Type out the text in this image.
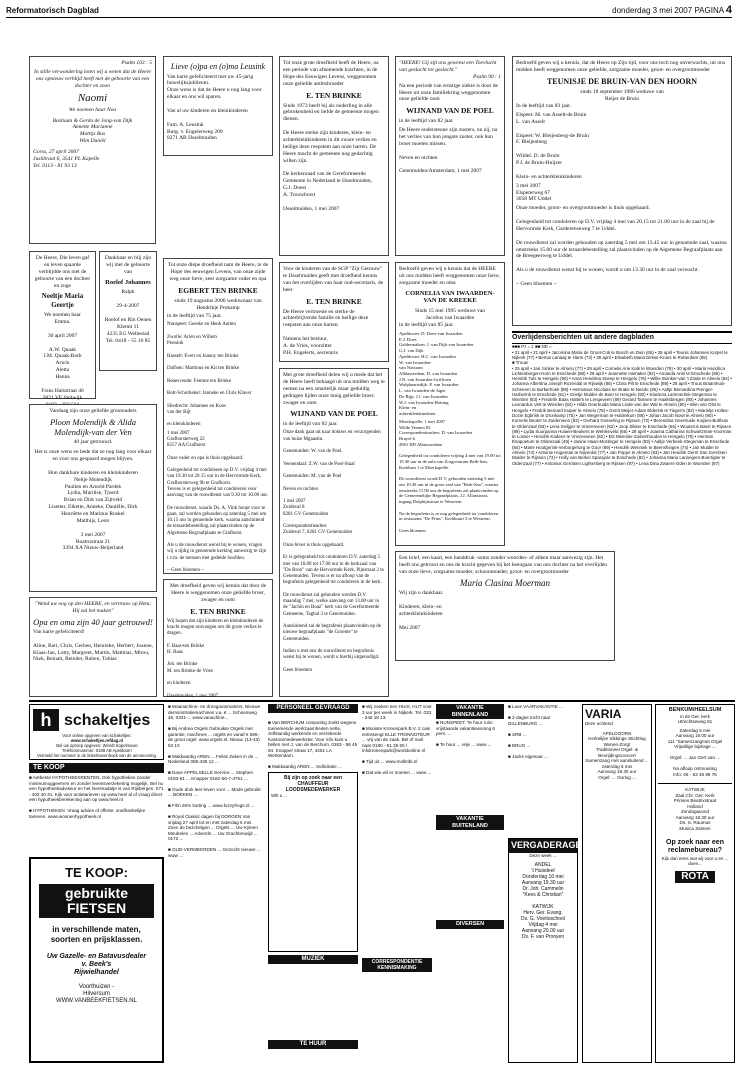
Reformatorisch Dagblad	donderdag 3 mei 2007 PAGINA 4
Psalm 103 : 5
In stille verwondering loten wij u weten dat de Heere ons opnieuw verblijd heeft met de geboorte van een dochter en zoon
Naomi
We noemen haar Noa
Bastiaan & Gerda de Jong-van Dijk
Annette Marianne
Mattijs Bas
Wim Daniël
Gorss, 27 april 2007
Juslibraat 6, 3541 PL Kapelle
Tel. 0113 - 81 93 13
De Heere, Die leven gaf en leven spaarde verblijdde ons met de geboorte van een dochter en zuge
Neeltje Maria Geertje
We noemen haar
Emma.

30 april 2007

A.W. Quaak
J.M. Quaak-Both
Arwin
Aletta
Hanna

Frans Halsstraat 46
3821 VE Stolwijk

Dankbaar en blij zijn wij met de geboorte van
Roelof Johannes
Ralph

29-4-2007

Roelof en Rin Oenen
Klemit 11
4235 EG Wellestad
Tel. 0418 - 55 10 85
Vandaag zijn onze geliefde grootouders
Ploon Molendijk & Alida Molendijk-van der Ven
40 jaar getrouwd.
Het is onze wens en bede dat ze nog lang voor elkaar en voor ons gespaard mogen blijven.

Hun dankbare kinderen en kleinkinderen
Neltje Molendijk
Paulien en Arnold Pardek
Lydia, Marilise, Tjoerd
Brian en Dirk van Zijtveld
Lisetter, Elkette, Anneke, Daniëlle, Dirk
Henriëtte en Marinus Roskel
Matthijs, Leon

3 mei 2007
Boatruxtraat 21
3394 XA Nieuw-Beijerland
"Wend uw oog op den HEERE, en vertrouw op Hem; Hij zal het maken"
Opa en oma zijn 40 jaar getrouwd!
Van harte gefeliciteerd!

Aline, Bart, Chris, Gerben, Henrieke, Herbert, Joanne, Klaas-Jan, Lotty, Margreet, Martin, Matthias, Mirou, Niek, Reinalt, Reinder, Ruben, Tobias
Lieve (o)pa en (o)ma Leusink
Van harte gefeliciteerd met uw 45-jarig huwelijksjubileum.
Onze wens is dat de Heere u nog lang voor elkaar en ons wil sparen.

Van al uw kinderen en kleinkinderen

Fam. A. Leusink
Burg. v. Engelenweg 209
8271 AB IJsselmuiden
Tot onze diepe droefheid nam de Heere, in de Hope des eeuwigen Levens, van onze zijde weg onze lieve, zeer zorgzame vader en opa
EGBERT TEN BRINKE
sinds 19 augustus 2006 weduwnaar van
Hendrikje Prokamp
in de leeftijd van 75 jaar.
Nunspeet: Geeske en Henk Aarten

Zwolle: Arien en Willem
Pennink

Hasselt: Evert en Jeanny ten Brinke

Dalfsen: Martinus en Kit ten Brinke

Renesveude: Femme ten Brinke

Bolt-Scholtiekel: Janneke en Chris Klaver

Sliedrecht: Johannes en Koos
van der Bijt

en kleinkinderen
1 mei 2007
Grafhorsterweg 22
8257 AA Grafhorst

Onze vader en opa is thuis opgebaard.

Gelegenheid tot condoleren op D.V. vrijdag 4 mei van 19.30 tot 20.15 uur in de Hervormde Kerk, Grafhorsterweg 9b te Grafhorst.
Tevens is er gelegenheid tot condoleren voor aanvang van de rouwdienst van 9.30 tot 10.00 uur.

De rouwdienst, waarin Ds. A. Vink hoopt voor te gaan, zal worden gehouden op zaterdag 5 mei om 10.15 uur in genoemde kerk, waarna aansluitend de teraardebestelling zal plaatsvinden op de Algemene Begraafplaats te Grafhorst.

Als u de rouwdienst wenst bij te wonen, vragen wij u tijdig in genoemde kerking aanwezig te zijn i.v.m. de mensen met gedelde hoofden.

~ Geen bloemen ~
Met droefheid geven wij kennis dat door de Heere is weggenomen onze geliefde broer, zwager en oom
E. TEN BRINKE
Wij hopen dat zijn kinderen en kleinkinderen de kracht mogen ontvangen om dit grote verlies te dragen.

F. Baas-ten Brinke
H. Baas

Joh. ten Brinke
M. ten Brinke-de Vries

en kinderen

IJsselmuiden, 1 mei 2007
Tot onze grote droefheid heeft de Heere, na een periode van afnemende krachten, in de Hope des Eeuwigen Levens, weggenomen onze geliefde ambtsbroeder
E. TEN BRINKE
Sinds 1973 heeft hij als ouderling in alle gebrokenheid en liefde de gemeente mogen dienen.

De Heere sterke zijn kinderen, klein- en achterkleinkinderen in dit zware verlies en heilige deze roepstem aan onze harten. De Heere mocht de gemeente nog gedachtig willen zijn.

De kerkenraad van de Gereformeerde Gemeente in Nederland te IJsselmuiden,
G.J. Doest
A. Trouwborst

IJsselmuiden, 1 mei 2007
Voor de kinderen van de SGP "Zijt Getrouw" te IJsselmuiden geeft met droefheid kennis van het overlijden van haar oud-secretaris, de heer
E. TEN BRINKE
De Heere vertroeste en sterke de achterblijvende familie en heilige deze roepsten aan onze harten.

Namens het bestuur,
A. de Vries, voorzitter
P.H. Engelerts, secretaris
Met grote droefheid delen wij u mede dat het de Heere heeft behaagd uit ons midden weg te nemen na een smartelijk maar geduldig gedragen lijden onze innig geliefde broer, zwager en oom
WIJNAND VAN DE POEL
in de leeftijd van 82 jaar.
Onze dank gaat uit naar dokters en verzorgenden van huize Mgaastin.

Genemuiden: W. van de Poel.

Veenendaal: Z.W. van de Poel-Staal

Genemuiden: M. van de Poel

Neven en nichten

1 mei 2007
Zuideval 8
8281 GV Genemuiden

Correspondentieadres
Zuideval 7, 8281 GV Genemuiden

Onze broer is thuis opgebaard.

Er is gelegenheid tot condoleren D.V. zaterdag 5 mei van 16.00 tot 17.00 uur in de kerkzaal van "De Bron" van de Hervormde Kerk, Pijnstraat 2 te Genemuiden. Tevens is er na afloop van de begrafenis gelegenheid tot condoleren in de kerk.

De rouwdienst zal gehouden worden D.V. maandag 7 mei, welke aanvang om 13.00 uur in de "Jachin en Boaz" kerk van de Gereformeerde Gemeente, Tagbal 3 te Genemuiden.

Aansluitend zal de begrafenis plaatsvinden op de nieuwe begraafplaats "de Groente" te Genemuiden.

Indien u met ons de rouwdienst en begrafenis wenst bij te wonen, wordt u hierbij uitgenodigd.

Geen bloemen
"HEERE! Gij zijt ons geweest een Toevlucht van geslacht tot geslacht."
Psalm 90 : 1
Na een periode van ernstige ziekte is door de Heere uit onze familiekring weggenomen onze geliefde oom
WIJNAND VAN DE POEL
in de leeftijd van 82 jaar.
De Heere ondersteune zijn zusters, nu zij, na het verlies van hun jongste zuster, ook hun broer moeten missen.

Neven en nichten

Genemuiden/Amsterdam, 1 mei 2007
Bedroefd geven wij u kennis dat de HEERE uit ons midden heeft weggenomen onze lieve, zorgzame moeder en oma
CORNELIA VAN IWAARDEN- VAN DE KREEKE
Sinds 15 mei 1995 weduwe van
Jacobus van Iwaarden
in de leeftijd van 85 jaar.
Apeldoorn: D. Does-van Iwaarden
E.J. Does
Geldermalsen: J. van Dijk-van Iwaarden
G.J. van Dijk
Apeldoorn: H.C. van Iwaarden
W. van Iwaarden-
van Nassauw
Alblasserdam: D. van Iwaarden
J.N. van Iwaarden-Griffioen
Wolphaartsdijk: P. van Iwaarden
L. van Iwaarden-de Jager
De Bijp: J.J. van Iwaarden
W.J. van Iwaarden-Hotting
Klein- en
achterkleinkinderen
Moerkapelle, 1 mei 2007
Wilde Veenen 83
Correspondentieadres: D. van Iwaarden
Bruyel 6
2861 HD Albiasserdam

Gelegenheid tot condoleren vrijdag 4 mei van 19.00 tot 19.30 uur in de aula van Zorgcentrum Beth-San, Kerklaan 1 te Moerkapelle.

De rouwdienst wordt D.V. gehouden zaterdag 5 mei om 10.30 uur in de grote zaal van "Beth-San", waarna omstreeks 11.00 uur de begrafenis zal plaatsvinden op de Gemeentelijke Begraafplaats, J.J. Allanstraat, ingang Dolphijnstraat te Westeem.

Na de begrafenis is er nog gelegenheid tot condoleren in restaurant "De Prins", Kerkbuurt 3 te Westeem.

Geen bloemen
Een brief, een kaart, een handdruk -soms zonder woorden- of alleen maar aanwezig zijn. Het heeft ons getroost en ons de kracht gegeven bij het heengaan van ons dochter na het overlijden van onze lieve, zorgzame moeder, schoonmoeder, groot- en overgrootmoeder
Maria Clasina Moerman
Wij zijn u dankbaar.

Kinderen, klein- en
achterkleinkinderen

Mei 2007
Bedroefd geven wij u kennis, dat de Heere op Zijn tijd, voor ons toch nog onverwachts, uit ons midden heeft weggenomen onze geliefde, zorgzame moeder, groot- en overgrootmoeder
TEUNISJE DE BRUIN-VAN DEN HOORN
sinds 18 september 1986 weduwe van
Reijer de Bruin
In de leeftijd van 83 jaar.
Elspeet: M. van Asselt-de Bruin
L. van Asselt

Elspeet: W. Bleijenberg-de Bruin
F. Bleijenberg

Wildel: D. de Bruin
P.J. de Bruin-Huijzer

Klein- en achterkleinkinderen
3 mei 2007
Elspeterweg 67
3058 MT Uddel
Onze moeder, groot- en overgrootmoeder is thuis opgebaard.

Gelegenheid tot condoleren op D.V. vrijdag 4 mei van 20.15 tot 21.00 uur in de zaal bij de Hervormde Kerk, Garderenseweg 7 te Uddel.

De rouwdienst zal worden gehouden op zaterdag 5 mei om 13.45 uur in genoemde zaal, waarna omstreeks 15.00 uur de teraardebestelling zal plaatsvinden op de Algemene Begraafplaats aan de Breegeerweg te Uddel.

Als u de rouwdienst wenst bij te wonen, wordt u om 13.30 uur in de zaal verwacht.

~ Geen bloemen ~
Overlijdensberichten uit andere dagbladen
■■■ Pz = 1 ■■ ND =
• 21 april • 21 april • Jacomina Maria de Groot-Cok te Busch en Duin (65) • 28 april • Teunis Johannes Korpel te Nijkerk (77) • Bertus Lanaaij te Harm (72) • 30 april • Elisabeth Maria Dirkse-Kroes te Rotterdam (65)
■ Trouw
• 25 april • Jan Jonker te Almelo (77) • 29 april • Cornelis Arie Kalk te Woerden (78) • 30 april • Maria Hendrica Lichtenbergen-Horn te Enschede (88) • 29 april • Jeannette Hamaker (82) • Amanda Ariel te Enschede (86) • Hendrik Tuls te Hengelo (90) • Anna Hendrina Sneep te Hengelo (76) • Willie Boinker-van 't Zinde te Almelo (84) • Johanna Albertina Joseph Rozendal te Rijswijk (85) • Clara Pilt te Enschede (89) • 29 april • Truus Braamhuis-Scheeren te Borkerhoek (88) • Hermanus Nicolaas ter Brake te Neede (85) • Aaltje Bernardina Prenger-Harberink te Enschede (81) • Grietje Mulder-de Boer te Hengelo (92) • Klaziena Lammertink-Stegeman te Wierden (83) • Frederik Baas Hattem te Lengeveen (89) Gerard Tamsen te Haaksbergen (80) • Johannes Leonardus Velt te Wierden (84) • Hilda Geertruida Maria Linde-van der Wal te Almelo (80) • Wim van Olst te Hengelo • Fredrik Bernard Kuiper te Almelo (79) • Gerrit Meijer-Adam Elderink te Tiegerm (82) • Marietje Holtes-Dozie Egbrink te Dronkamp (75) • Jan Wegerman te Holderkum (88) • Johan Jacob Nowl te Almelo (90) • Kornelis Beuter te Zuiderveen (82) • Gerhard Gosseling te Rijssen (72) • Berendina Geertruide Koijsen-Bulthuis te Oldenzaal (83) • Lena Seiljger te Vriezenveen (62) • Joop Sikker te Enschede (66) • Wouterus Baert te Rijssen (89) • Lydia Suurpanna Hoiaen-Beukers te Wehlenveld (66) • 28 april • Joanna Catharina Schwartzman-Voorman te Losser • Hendrik Kadees te Vriezenveen (82) • Els Meinsler-Zuibenhouden te Hengelo (79) • Herman Enapoetum te Oldenzaal (49) • Janine Haan-Mostinger te Hengelo (83) • Aaltje Verbeek-Stegeman te Enschede (84) • Marie Hootgerink-Verborgehorg te Goor (89) • Hendrik Wennink te Beenshingen (74) • Jan Mulder te Almelo (74) • Antonie Hogeman te Nijverdal (77) • Jan Poppe te Almelo (83) • Jan Hendrik Gerrit San Gerritsen Mulder te Rijssen (73) • Holly van Berkel Sparajolo te Enschede (82) • Johanna Maria Lannegem-Boertigter te Oldenzaal (77) • Antonius Gerritsen Lightenberg te Rijssen (87) • Lena Dina Zwaers-Oden te Woerden (87)
h schakeltjes
Voor online opgeven van schakeltjes:
www.schakeltjes.refdag.nl
Bel uw oproep opgeven: Wendt Kopelmuwe
Telefoonnummer: 0188 AB Apeldoorn
Vermeld het nummer in de linkerbovenhoek van de annoncering.
TE KOOP
■ Aetbeste HYPOTHEEKRENTEN. Ook hypotheken zonder minimumoggeerven en zonder levensverzekering mogelijk. Bel nu een hypotheekadviseur en het hierimadatje is van Rijsbergen. 071 - 402 40 31. Kijk voor actietarieven op www.heel al of vraag direct een hypotheekberekening aan op www.heel.nl

■ HYPOTHEKEN. Vraag advies of offerte: onafhankelijke tarieven. www.woonenhypotheek.nl
TE KOOP:
gebruikte
FIETSEN
in verschillende maten, soorten en prijsklassen.
Uw Gazelle- en Batavusdealer
v. Beek's
Rijwielhandel
Voorthuizen -
Hilversum
WWW.VANBEEKFIETSEN.NL
■ Waanachine- en droogautomatens. Nieuwe demonstratiemachines v.a. € ... Schoenweg 48, 0341-... www.vanachine...

■ Bij Andrea Orgels Gebruikte Orgels met garantie, machines ... orgels en vanaf € 599,- de groot orgel. www.orgels.nl. Nieuw. (13-43) 63 10

■ Makkaardig AREN ... Feliss Zaken in de ... Nederland 085-438 12 ...

■ Dave APPELSELLE Service ... Stephen 0183-51 ... Knapper 0182-56-7-4751 ...

■ Oude druk leer-leven voor ... Mode gebruikt ... BOEKEN ...

■ Film 26% korting ... www.fuzzyfrogs.nl ...

■ Royal Classic dagen bij DORGEN Van vrijdag 27 april tot en met zaterdag 5 mei. Zoen de bezchelgen ... Orgels ... Uw Kyleen Meubelen ... Adverdn ... Uw Grachtenwijd ... 0172 ...

■ OUD-VERMEERDEN ... Gezocht nieuwe ... www ...
PERSONEEL GEVRAAGD
■ Van BERCHUM computing zoekt wegens toenemende werkzaamheden nette, zelfstandig werkende en verzekerde Kantoormedewerkster. Voor info kunt u bellen met J. van de Berchum, 0183 - 56 45 94. Knapper straat 17, 4251 LA Werkendam.

■ Makkaardig AREN ... Sollicitatie ...
Bij zijn op zoek naar een CHAUFFEUR LOODSMEDEWERKER
Wilt u ...
MUZIEK
TE HUUR
■ Wij zoeken een HUIS, HUT voor 3 uur per week in Nijkerk. Tel. 033 - 245 18 13.

■ Mooiste Kronenpark B.V. 2 cais entrekengt ELLE TRONNOTEUR ... vrij van de zaak. Bel of mail naar 0180 - 51 36 65 / infokronenpark@worldonline.nl

■ Tijd uit ... www.molkritk.nl

■ Dat wie wil er moeten ... www ...
CORRESPONDENTIE KENNISMAKING
VAKANTIE BINNENLAND
■ NUNSPEET. Te huur ruim vrijstaande vakantiewoning 6 pers. ...

■ Te huur ... vrije ... www ...
VAKANTIE BUITENLAND
DIVERSEN
■ Luxe VAARVAKANTIE ...

■ 2-dagse tocht naar DILLENBURG ...

■ SRB ...

■ BRUG ...

■ Jacks eigenaar ...
VERGADERAGENDA
Deze week ...
ANDEL
't Huisdeel
Donderdag 10 mei
Aanvang 19.30 uur
Dr. Joh. Cammelin
"Kees & Christian"

KATWIJK
Herv. Ger. Evang.
Ds. G. Voetioschool
Vrijdag 4 mei
Aanvang 20.00 uur
Ds. F. van Prooyen
VARIA
Deze ochtend
APELDOORN
Kerkelijke Sikkinge Stichting Wonen-Zorgt
Traditioneel Orgel- & Bevrijdingsconcert
Samenzang met aansluitend ... zaterdag 5 mei
Aanvang 19.30 uur
Orgel: ... Oorlog ...
BENKUM/HEELSUM
in de Ger. kerk
Utrechtseweg 81
Zaterdag 5 mei
Aanvang 19.00 uur
111 "Samenzangmet Orgel
Vrijwillige bijdrage ...

Orgel: ... Jan Gert van ...

Na afloop ontmoeting
Info: 06 - 53 46 88 76
KATWIJK
Zaal Chr. Ger. Kerk
Prinses Beatrixstraat
Holland
Zondagavond
Aanvang 18.30 uur
Ds. S. Raumus
Musica Zalmen
Op zoek naar een reclamebureau?
Kijk dan eens wat wij voor u en ... doen...
ROTA
